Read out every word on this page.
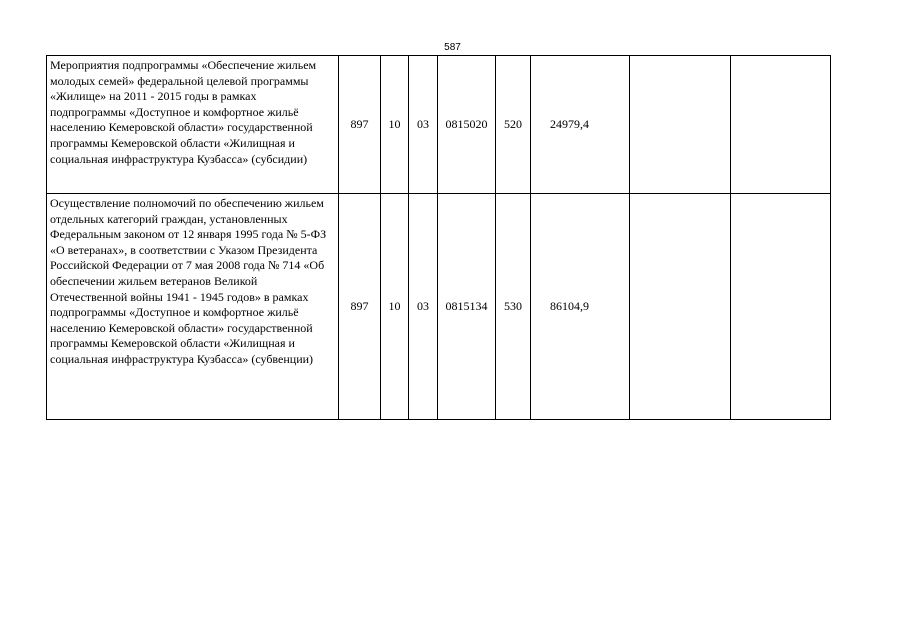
587
Мероприятия подпрограммы «Обеспечение жильем молодых семей» федеральной целевой программы «Жилище» на 2011 - 2015 годы в рамках подпрограммы «Доступное и комфортное жильё населению Кемеровской области» государственной программы Кемеровской области «Жилищная и социальная инфраструктура Кузбасса» (субсидии)	897	10	03	0815020	520	24979,4		
Осуществление полномочий по обеспечению жильем отдельных категорий граждан, установленных Федеральным законом от 12 января 1995 года № 5-ФЗ «О ветеранах», в соответствии с Указом Президента Российской Федерации от 7 мая 2008 года № 714 «Об обеспечении жильем ветеранов Великой Отечественной войны 1941 - 1945 годов» в рамках подпрограммы «Доступное и комфортное жильё населению Кемеровской области» государственной программы Кемеровской области «Жилищная и социальная инфраструктура Кузбасса» (субвенции)	897	10	03	0815134	530	86104,9		
